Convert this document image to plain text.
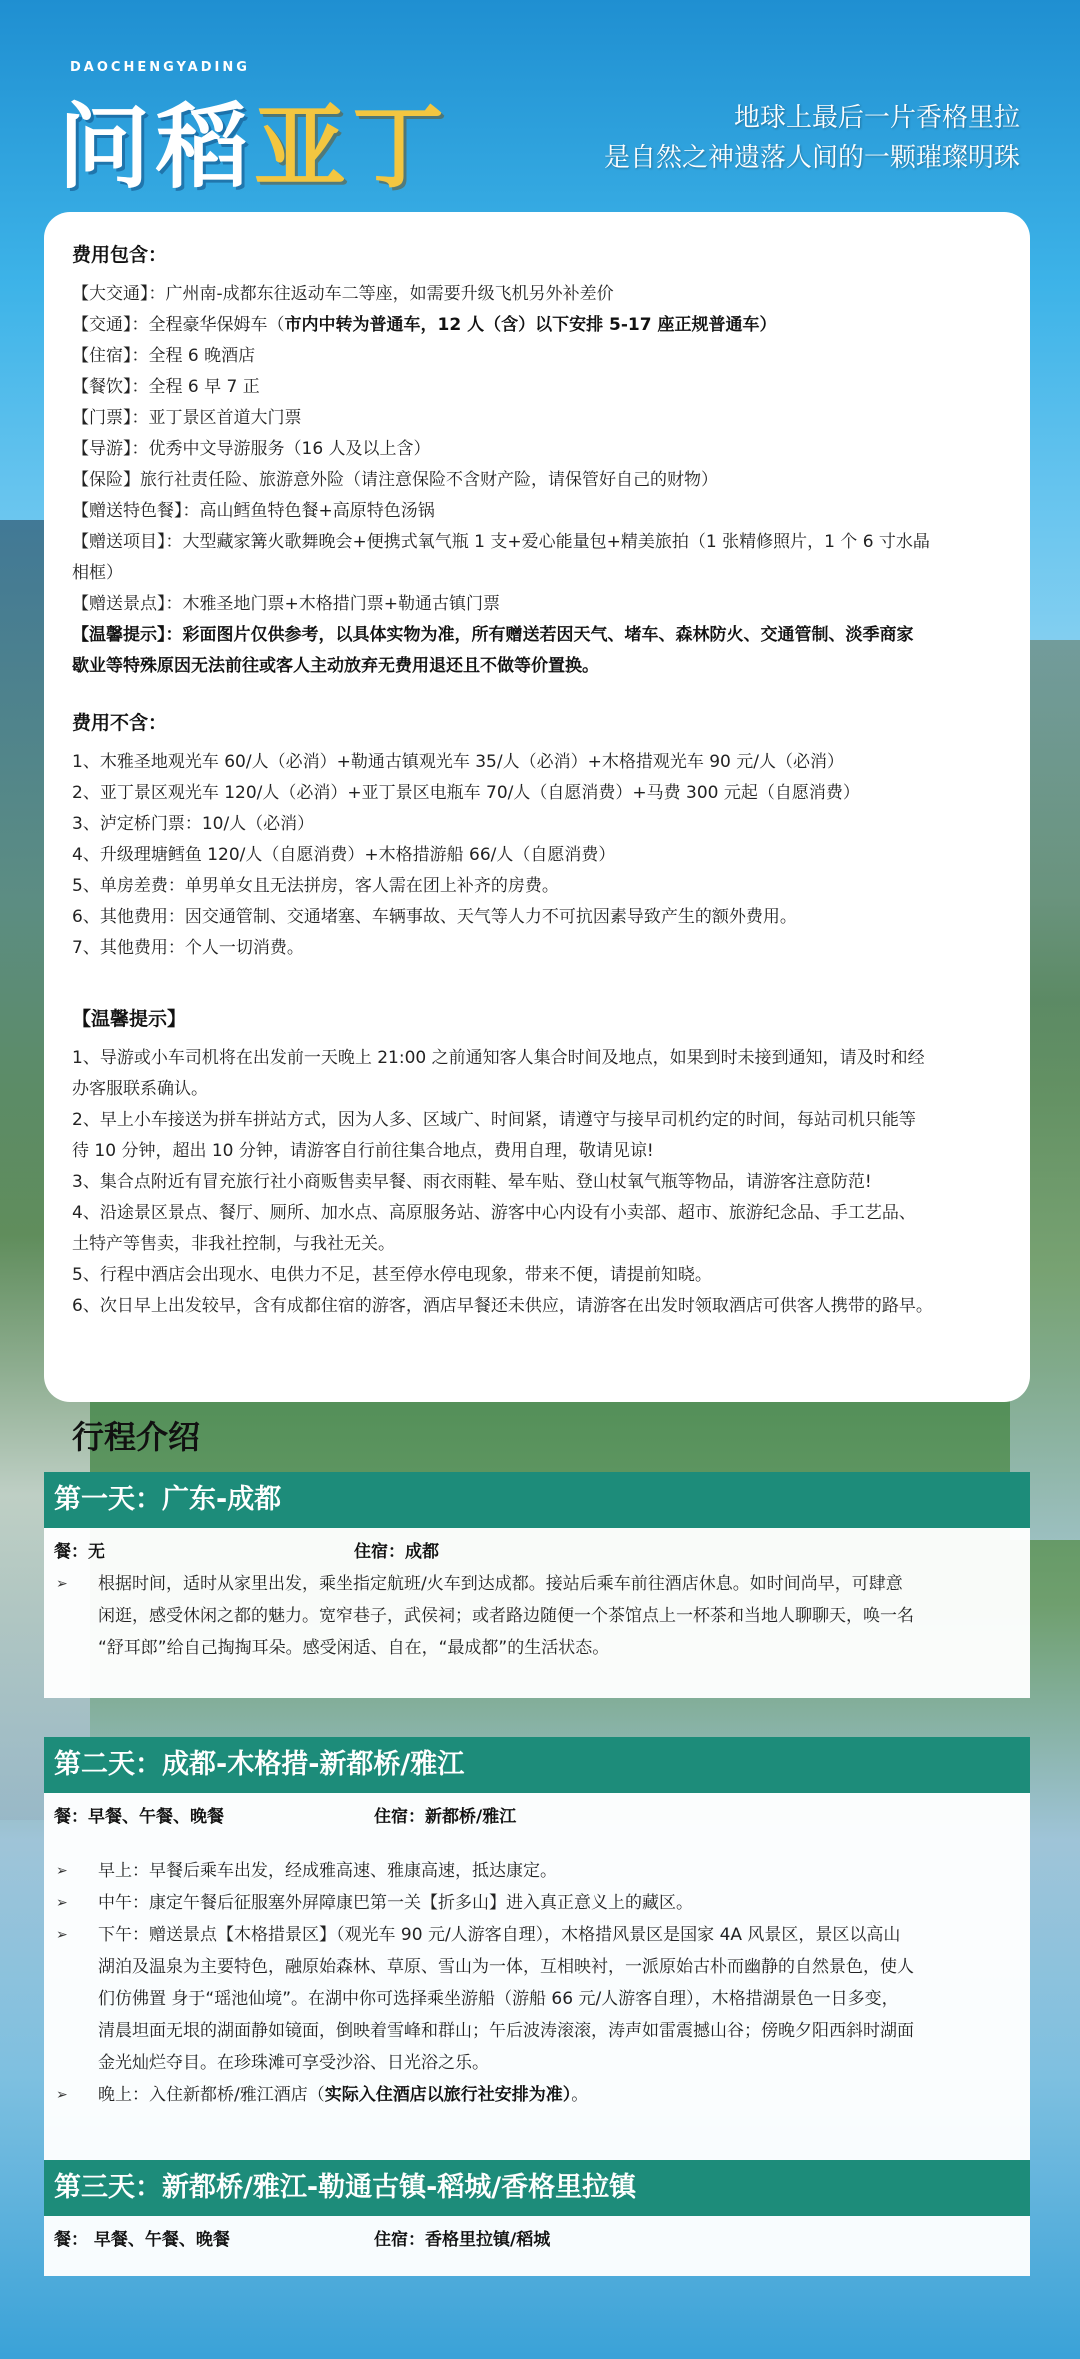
DAOCHENGYADING
问稻亚丁	地球上最后一片香格里拉
是自然之神遗落人间的一颗璀璨明珠
费用包含：
【大交通】：广州南-成都东往返动车二等座，如需要升级飞机另外补差价
【交通】：全程豪华保姆车（市内中转为普通车，12 人（含）以下安排 5-17 座正规普通车）
【住宿】：全程 6 晚酒店
【餐饮】：全程 6 早 7 正
【门票】：亚丁景区首道大门票
【导游】：优秀中文导游服务（16 人及以上含）
【保险】旅行社责任险、旅游意外险（请注意保险不含财产险，请保管好自己的财物）
【赠送特色餐】：高山鳕鱼特色餐+高原特色汤锅
【赠送项目】：大型藏家篝火歌舞晚会+便携式氧气瓶 1 支+爱心能量包+精美旅拍（1 张精修照片，1 个 6 寸水晶
相框）
【赠送景点】：木雅圣地门票+木格措门票+勒通古镇门票
【温馨提示】：彩面图片仅供参考，以具体实物为准，所有赠送若因天气、堵车、森林防火、交通管制、淡季商家
歇业等特殊原因无法前往或客人主动放弃无费用退还且不做等价置换。
费用不含：
1、木雅圣地观光车 60/人（必消）+勒通古镇观光车 35/人（必消）+木格措观光车 90 元/人（必消）
2、亚丁景区观光车 120/人（必消）+亚丁景区电瓶车 70/人（自愿消费）+马费 300 元起（自愿消费）
3、泸定桥门票：10/人（必消）
4、升级理塘鳕鱼 120/人（自愿消费）+木格措游船 66/人（自愿消费）
5、单房差费：单男单女且无法拼房，客人需在团上补齐的房费。
6、其他费用：因交通管制、交通堵塞、车辆事故、天气等人力不可抗因素导致产生的额外费用。
7、其他费用：个人一切消费。
【温馨提示】
1、导游或小车司机将在出发前一天晚上 21:00 之前通知客人集合时间及地点，如果到时未接到通知，请及时和经
办客服联系确认。
2、早上小车接送为拼车拼站方式，因为人多、区域广、时间紧，请遵守与接早司机约定的时间，每站司机只能等
待 10 分钟，超出 10 分钟，请游客自行前往集合地点，费用自理，敬请见谅!
3、集合点附近有冒充旅行社小商贩售卖早餐、雨衣雨鞋、晕车贴、登山杖氧气瓶等物品，请游客注意防范!
4、沿途景区景点、餐厅、厕所、加水点、高原服务站、游客中心内设有小卖部、超市、旅游纪念品、手工艺品、
土特产等售卖，非我社控制，与我社无关。
5、行程中酒店会出现水、电供力不足，甚至停水停电现象，带来不便，请提前知晓。
6、次日早上出发较早，含有成都住宿的游客，酒店早餐还未供应，请游客在出发时领取酒店可供客人携带的路早。
行程介绍
第一天：广东-成都
餐：无	住宿：成都
➢ 根据时间，适时从家里出发，乘坐指定航班/火车到达成都。接站后乘车前往酒店休息。如时间尚早，可肆意
闲逛，感受休闲之都的魅力。宽窄巷子，武侯祠；或者路边随便一个茶馆点上一杯茶和当地人聊聊天，唤一名
“舒耳郎”给自己掏掏耳朵。感受闲适、自在，“最成都”的生活状态。
第二天：成都-木格措-新都桥/雅江
餐：早餐、午餐、晚餐	住宿：新都桥/雅江
➢ 早上：早餐后乘车出发，经成雅高速、雅康高速，抵达康定。
➢ 中午：康定午餐后征服塞外屏障康巴第一关【折多山】进入真正意义上的藏区。
➢ 下午：赠送景点【木格措景区】（观光车 90 元/人游客自理），木格措风景区是国家 4A 风景区，景区以高山
湖泊及温泉为主要特色，融原始森林、草原、雪山为一体，互相映衬，一派原始古朴而幽静的自然景色，使人
们仿佛置 身于“瑶池仙境”。在湖中你可选择乘坐游船（游船 66 元/人游客自理），木格措湖景色一日多变，
清晨坦面无垠的湖面静如镜面，倒映着雪峰和群山；午后波涛滚滚，涛声如雷震撼山谷；傍晚夕阳西斜时湖面
金光灿烂夺目。在珍珠滩可享受沙浴、日光浴之乐。
➢ 晚上：入住新都桥/雅江酒店（实际入住酒店以旅行社安排为准）。
第三天：新都桥/雅江-勒通古镇-稻城/香格里拉镇
餐： 早餐、午餐、晚餐	住宿：香格里拉镇/稻城
